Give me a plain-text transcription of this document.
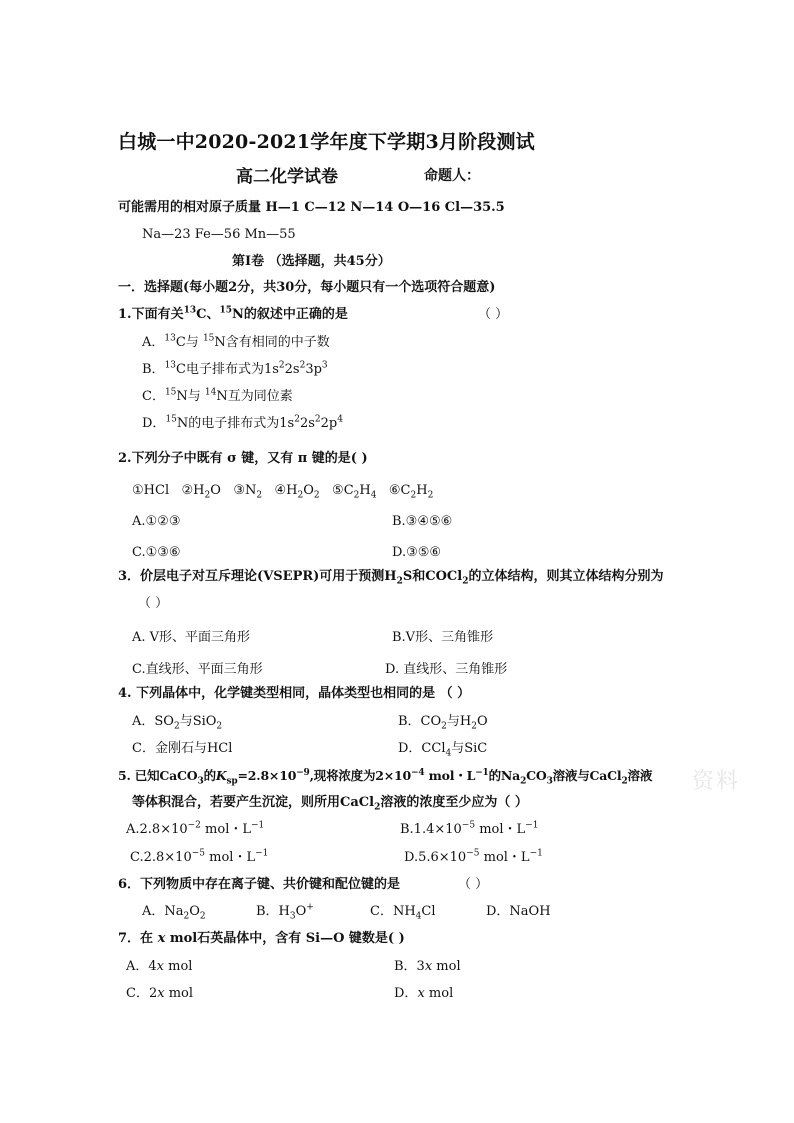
白城一中2020-2021学年度下学期3月阶段测试
高二化学试卷	命题人：
可能需用的相对原子质量 H—1 C—12 N—14 O—16 Cl—35.5
Na—23 Fe—56 Mn—55
第Ⅰ卷 （选择题，共45分）
一．选择题(每小题2分，共30分，每小题只有一个选项符合题意)
1.下面有关$^{13}$C、$^{15}$N的叙述中正确的是	（ ）
A．$^{13}$C与 $^{15}$N含有相同的中子数
B．$^{13}$C电子排布式为$1s^22s^23p^3$
C．$^{15}$N与 $^{14}$N互为同位素
D．$^{15}$N的电子排布式为$1s^22s^22p^4$
2.下列分子中既有 σ 键，又有 π 键的是( )
①HCl $②H_2O$ $③N_2$ $④H_2O_2$ $⑤C_2H_4$ $⑥C_2H_2$
A.①②③	B.③④⑤⑥
C.①③⑥	D.③⑤⑥
3．价层电子对互斥理论(VSEPR)可用于预测$H_2S$和COCl$_2$的立体结构，则其立体结构分别为
（ ）
A. V形、平面三角形	B.V形、三角锥形
C.直线形、平面三角形	D. 直线形、三角锥形
4. 下列晶体中，化学键类型相同，晶体类型也相同的是 （ ）
A．$SO_2$与SiO$_2$	B．$CO_2$与$H_2O$
C．金刚石与HCl	D．CCl$_4$与SiC
5. 已知CaCO$_3$的$K_{sp}=2.8\times 10^{-9}$,现将浓度为$2\times 10^{-4}$ mol・$L^{-1}$的$Na_2CO_3$溶液与CaCl$_2$溶液 资料
等体积混合，若要产生沉淀，则所用CaCl$_2$溶液的浓度至少应为（ ）
$A.2.8\times 10^{-2}$ mol・$L^{-1}$	$B.1.4\times 10^{-5}$ mol・$L^{-1}$
$C.2.8\times 10^{-5}$ mol・$L^{-1}$	$D.5.6\times 10^{-5}$ mol・$L^{-1}$
6．下列物质中存在离子键、共价键和配位键的是	（ ）
A．$Na_2O_2$	B．$H_3O^+$	C．$NH_4Cl$	D．NaOH
7．在 x mol石英晶体中，含有 Si—O 键数是( )
A．4x mol	B．3x mol
C．2x mol	D．x mol
